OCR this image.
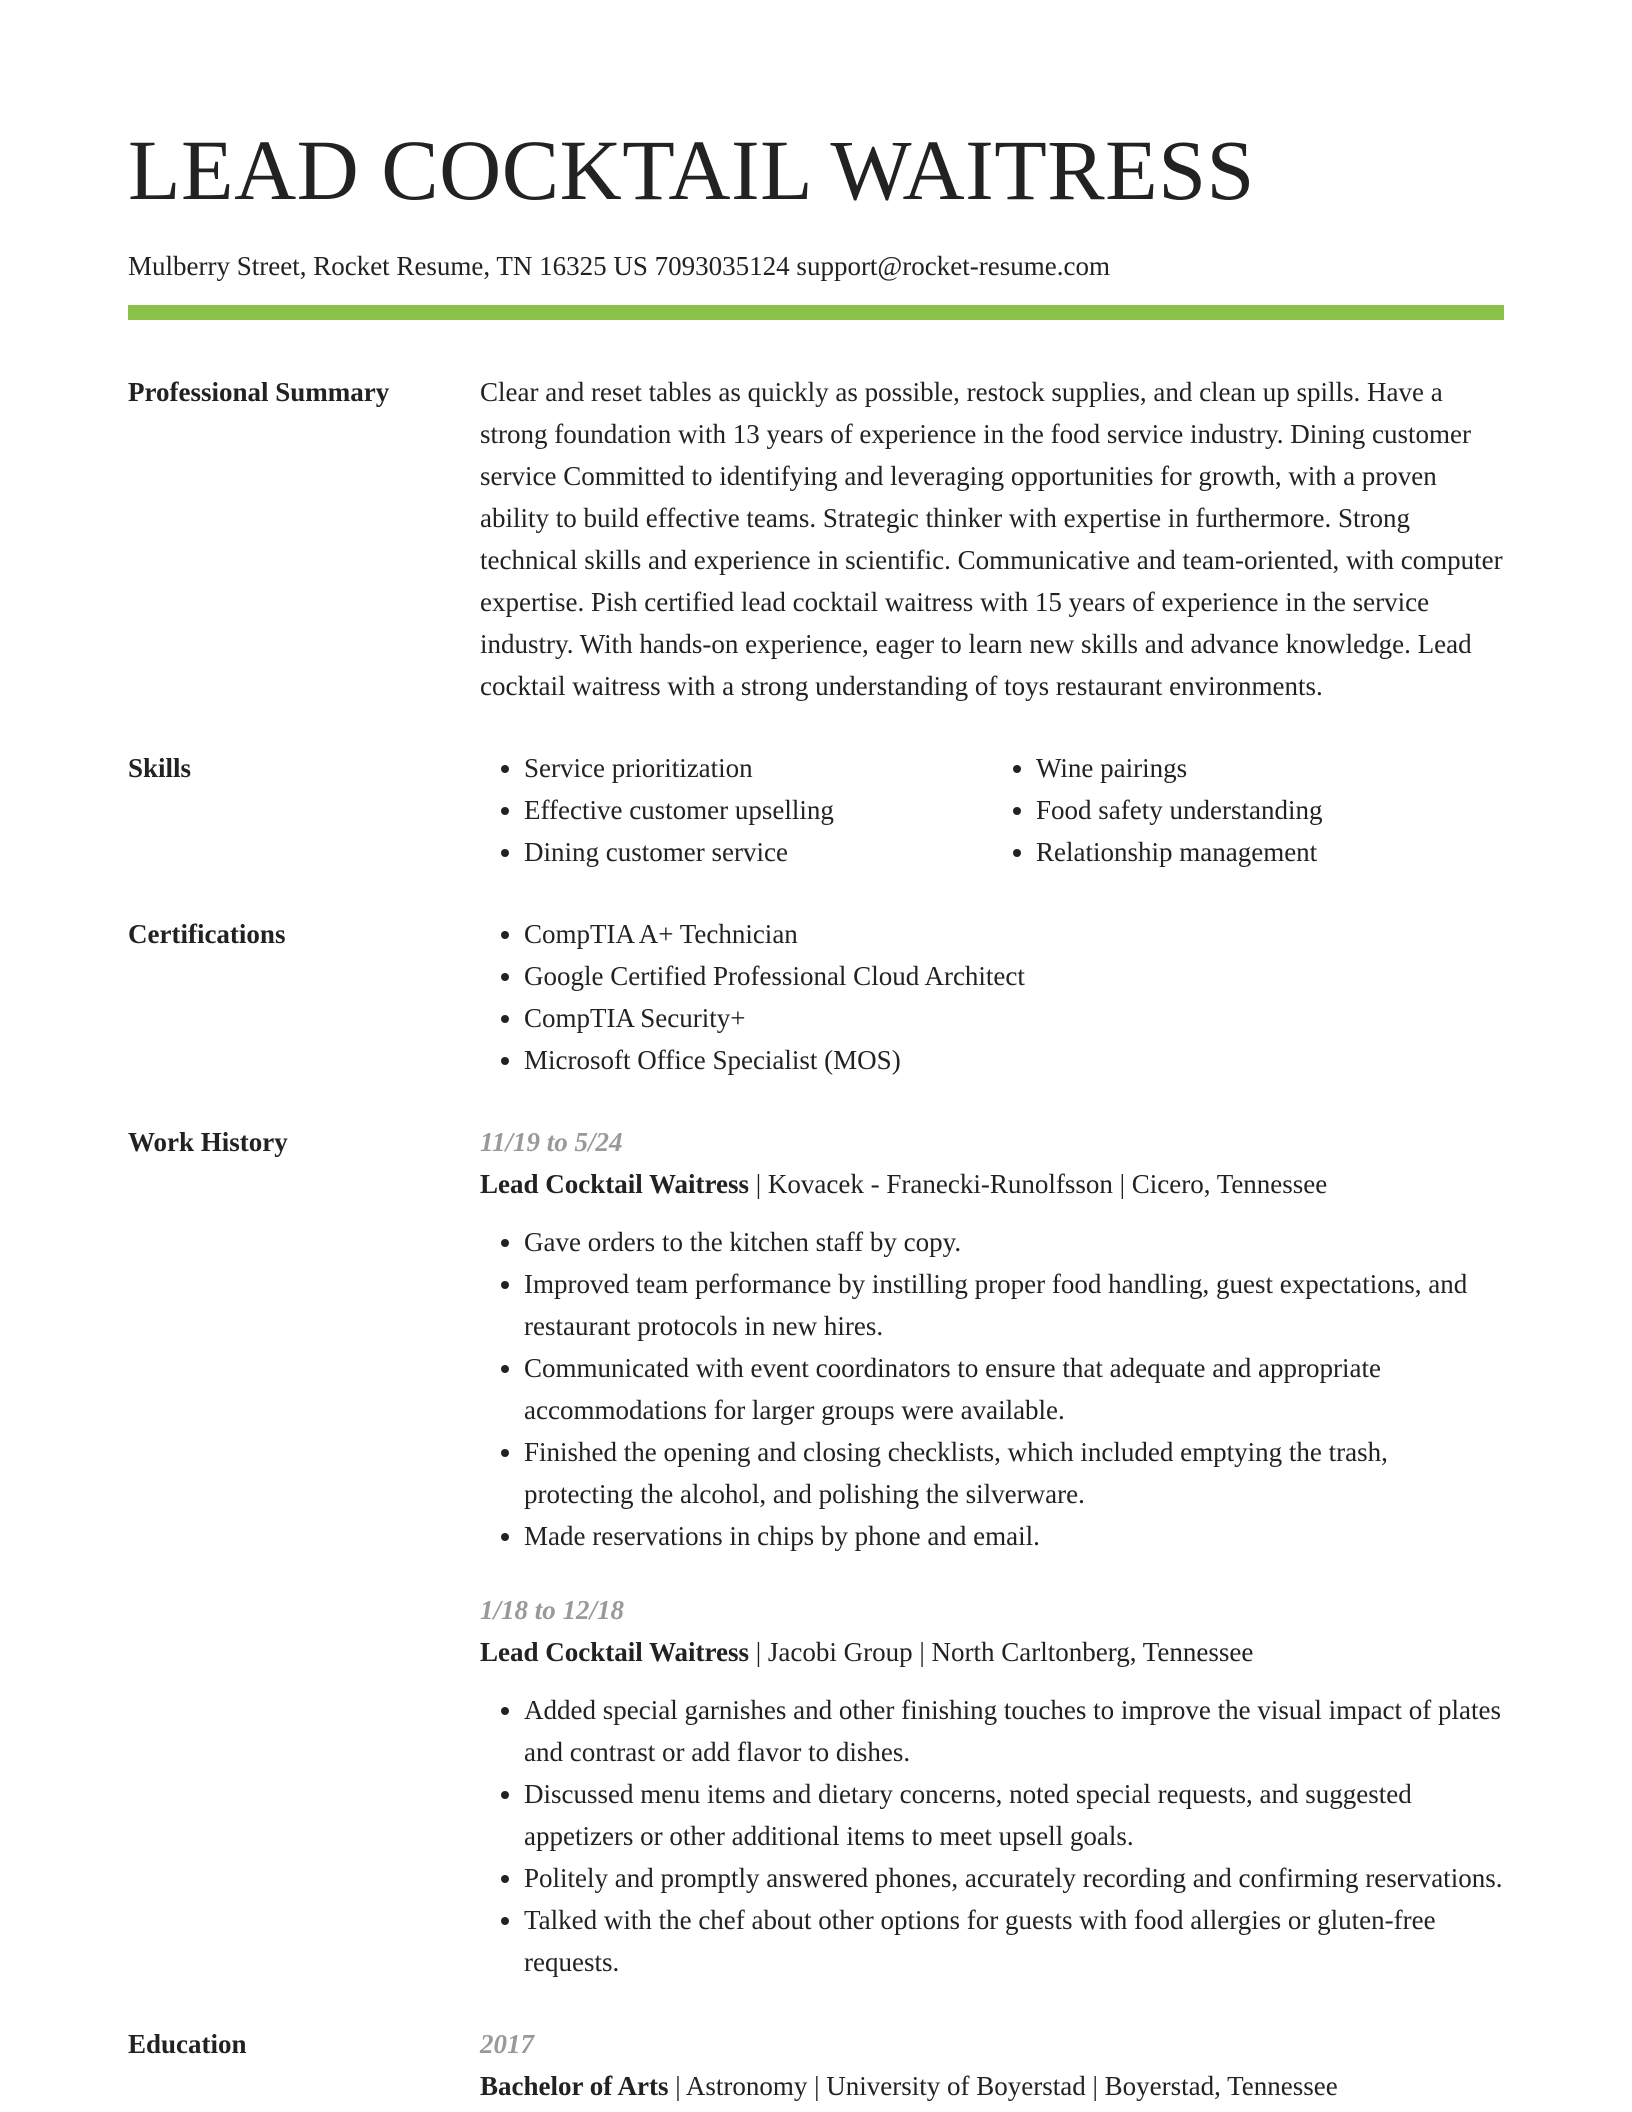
LEAD COCKTAIL WAITRESS
Mulberry Street, Rocket Resume, TN 16325 US 7093035124 support@rocket-resume.com
Professional Summary	Clear and reset tables as quickly as possible, restock supplies, and clean up spills. Have a strong foundation with 13 years of experience in the food service industry. Dining customer service Committed to identifying and leveraging opportunities for growth, with a proven ability to build effective teams. Strategic thinker with expertise in furthermore. Strong technical skills and experience in scientific. Communicative and team-oriented, with computer expertise. Pish certified lead cocktail waitress with 15 years of experience in the service industry. With hands-on experience, eager to learn new skills and advance knowledge. Lead cocktail waitress with a strong understanding of toys restaurant environments.

Skills	• Service prioritization
• Effective customer upselling
• Dining customer service
• Wine pairings
• Food safety understanding
• Relationship management
Certifications	• CompTIA A+ Technician
• Google Certified Professional Cloud Architect
• CompTIA Security+
• Microsoft Office Specialist (MOS)
Work History	11/19 to 5/24
Lead Cocktail Waitress | Kovacek - Franecki-Runolfsson | Cicero, Tennessee
• Gave orders to the kitchen staff by copy.
• Improved team performance by instilling proper food handling, guest expectations, and restaurant protocols in new hires.
• Communicated with event coordinators to ensure that adequate and appropriate accommodations for larger groups were available.
• Finished the opening and closing checklists, which included emptying the trash, protecting the alcohol, and polishing the silverware.
• Made reservations in chips by phone and email.
1/18 to 12/18
Lead Cocktail Waitress | Jacobi Group | North Carltonberg, Tennessee
• Added special garnishes and other finishing touches to improve the visual impact of plates and contrast or add flavor to dishes.
• Discussed menu items and dietary concerns, noted special requests, and suggested appetizers or other additional items to meet upsell goals.
• Politely and promptly answered phones, accurately recording and confirming reservations.
• Talked with the chef about other options for guests with food allergies or gluten-free requests.
Education	2017
Bachelor of Arts | Astronomy | University of Boyerstad | Boyerstad, Tennessee
